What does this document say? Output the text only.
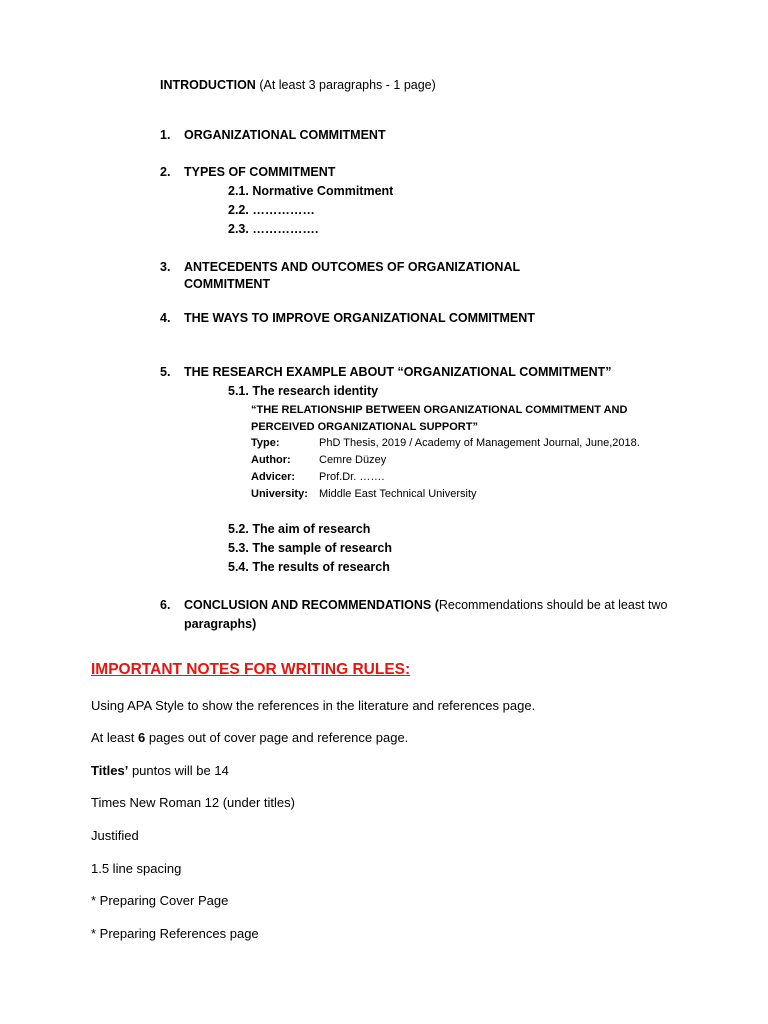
INTRODUCTION (At least 3 paragraphs - 1 page)
1. ORGANIZATIONAL COMMITMENT
2. TYPES OF COMMITMENT
2.1. Normative Commitment
2.2. ……………
2.3. …………….
3. ANTECEDENTS AND OUTCOMES OF ORGANIZATIONAL
COMMITMENT
4. THE WAYS TO IMPROVE ORGANIZATIONAL COMMITMENT
5. THE RESEARCH EXAMPLE ABOUT “ORGANIZATIONAL COMMITMENT”
5.1. The research identity
“THE RELATIONSHIP BETWEEN ORGANIZATIONAL COMMITMENT AND
PERCEIVED ORGANIZATIONAL SUPPORT”
Type:	PhD Thesis, 2019 / Academy of Management Journal, June,2018.
Author:	Cemre Düzey
Advicer: Prof.Dr. …….
University: Middle East Technical University
5.2. The aim of research
5.3. The sample of research
5.4. The results of research
6. CONCLUSION AND RECOMMENDATIONS (Recommendations should be at least two
paragraphs)
IMPORTANT NOTES FOR WRITING RULES:
Using APA Style to show the references in the literature and references page.
At least 6 pages out of cover page and reference page.
Titles’ puntos will be 14
Times New Roman 12 (under titles)
Justified
1.5 line spacing
* Preparing Cover Page
* Preparing References page
